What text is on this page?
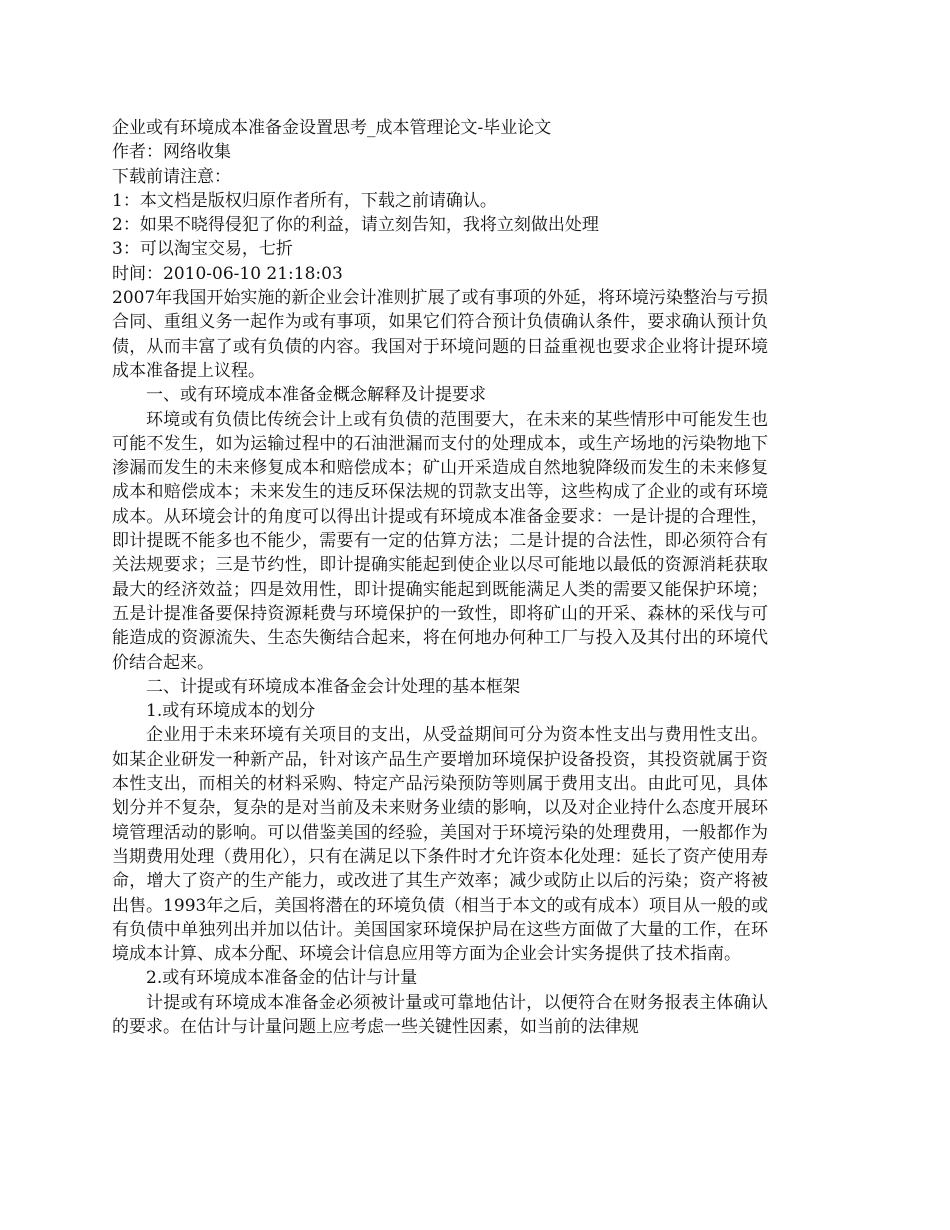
企业或有环境成本准备金设置思考_成本管理论文-毕业论文
作者：网络收集
下载前请注意：
1：本文档是版权归原作者所有，下载之前请确认。
2：如果不晓得侵犯了你的利益，请立刻告知，我将立刻做出处理
3：可以淘宝交易，七折
时间：2010-06-10 21:18:03

2007年我国开始实施的新企业会计准则扩展了或有事项的外延，将环境污染整治与亏损合同、重组义务一起作为或有事项，如果它们符合预计负债确认条件，要求确认预计负债，从而丰富了或有负债的内容。我国对于环境问题的日益重视也要求企业将计提环境成本准备提上议程。

一、或有环境成本准备金概念解释及计提要求

环境或有负债比传统会计上或有负债的范围要大，在未来的某些情形中可能发生也可能不发生，如为运输过程中的石油泄漏而支付的处理成本，或生产场地的污染物地下渗漏而发生的未来修复成本和赔偿成本；矿山开采造成自然地貌降级而发生的未来修复成本和赔偿成本；未来发生的违反环保法规的罚款支出等，这些构成了企业的或有环境成本。从环境会计的角度可以得出计提或有环境成本准备金要求：一是计提的合理性，即计提既不能多也不能少，需要有一定的估算方法；二是计提的合法性，即必须符合有关法规要求；三是节约性，即计提确实能起到使企业以尽可能地以最低的资源消耗获取最大的经济效益；四是效用性，即计提确实能起到既能满足人类的需要又能保护环境；五是计提准备要保持资源耗费与环境保护的一致性，即将矿山的开采、森林的采伐与可能造成的资源流失、生态失衡结合起来，将在何地办何种工厂与投入及其付出的环境代价结合起来。

二、计提或有环境成本准备金会计处理的基本框架
1.或有环境成本的划分

企业用于未来环境有关项目的支出，从受益期间可分为资本性支出与费用性支出。如某企业研发一种新产品，针对该产品生产要增加环境保护设备投资，其投资就属于资本性支出，而相关的材料采购、特定产品污染预防等则属于费用支出。由此可见，具体划分并不复杂，复杂的是对当前及未来财务业绩的影响，以及对企业持什么态度开展环境管理活动的影响。可以借鉴美国的经验，美国对于环境污染的处理费用，一般都作为当期费用处理（费用化），只有在满足以下条件时才允许资本化处理：延长了资产使用寿命，增大了资产的生产能力，或改进了其生产效率；减少或防止以后的污染；资产将被出售。1993年之后，美国将潜在的环境负债（相当于本文的或有成本）项目从一般的或有负债中单独列出并加以估计。美国国家环境保护局在这些方面做了大量的工作，在环境成本计算、成本分配、环境会计信息应用等方面为企业会计实务提供了技术指南。

2.或有环境成本准备金的估计与计量

计提或有环境成本准备金必须被计量或可靠地估计，以便符合在财务报表主体确认的要求。在估计与计量问题上应考虑一些关键性因素，如当前的法律规
